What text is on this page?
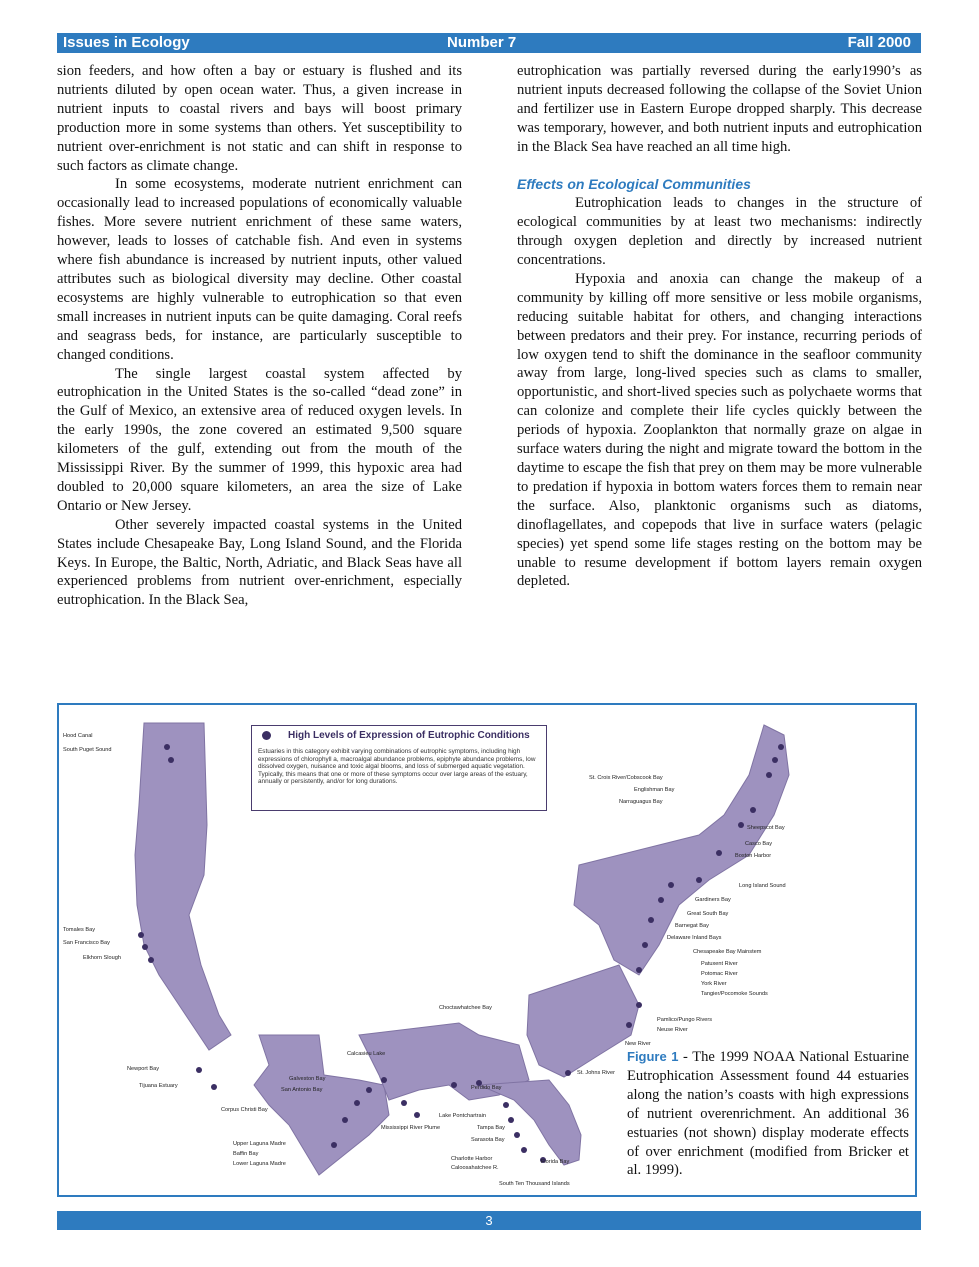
Issues in Ecology	Number 7	Fall 2000

sion feeders, and how often a bay or estuary is flushed and its nutrients diluted by open ocean water. Thus, a given increase in nutrient inputs to coastal rivers and bays will boost primary production more in some systems than others. Yet susceptibility to nutrient over-enrichment is not static and can shift in response to such factors as climate change.

In some ecosystems, moderate nutrient enrichment can occasionally lead to increased populations of economically valuable fishes. More severe nutrient enrichment of these same waters, however, leads to losses of catchable fish. And even in systems where fish abundance is increased by nutrient inputs, other valued attributes such as biological diversity may decline. Other coastal ecosystems are highly vulnerable to eutrophication so that even small increases in nutrient inputs can be quite damaging. Coral reefs and seagrass beds, for instance, are particularly susceptible to changed conditions.

The single largest coastal system affected by eutrophication in the United States is the so-called “dead zone” in the Gulf of Mexico, an extensive area of reduced oxygen levels. In the early 1990s, the zone covered an estimated 9,500 square kilometers of the gulf, extending out from the mouth of the Mississippi River. By the summer of 1999, this hypoxic area had doubled to 20,000 square kilometers, an area the size of Lake Ontario or New Jersey.

Other severely impacted coastal systems in the United States include Chesapeake Bay, Long Island Sound, and the Florida Keys. In Europe, the Baltic, North, Adriatic, and Black Seas have all experienced problems from nutrient over-enrichment, especially eutrophication. In the Black Sea,

eutrophication was partially reversed during the early1990’s as nutrient inputs decreased following the collapse of the Soviet Union and fertilizer use in Eastern Europe dropped sharply. This decrease was temporary, however, and both nutrient inputs and eutrophication in the Black Sea have reached an all time high.

Effects on Ecological Communities

Eutrophication leads to changes in the structure of ecological communities by at least two mechanisms: indirectly through oxygen depletion and directly by increased nutrient concentrations.

Hypoxia and anoxia can change the makeup of a community by killing off more sensitive or less mobile organisms, reducing suitable habitat for others, and changing interactions between predators and their prey. For instance, recurring periods of low oxygen tend to shift the dominance in the seafloor community away from large, long-lived species such as clams to smaller, opportunistic, and short-lived species such as polychaete worms that can colonize and complete their life cycles quickly between the periods of hypoxia. Zooplankton that normally graze on algae in surface waters during the night and migrate toward the bottom in the daytime to escape the fish that prey on them may be more vulnerable to predation if hypoxia in bottom waters forces them to remain near the surface. Also, planktonic organisms such as diatoms, dinoflagellates, and copepods that live in surface waters (pelagic species) yet spend some life stages resting on the bottom may be unable to resume development if bottom layers remain oxygen depleted.

High Levels of Expression of Eutrophic Conditions
Estuaries in this category exhibit varying combinations of eutrophic symptoms, including high expressions of chlorophyll a, macroalgal abundance problems, epiphyte abundance problems, low dissolved oxygen, nuisance and toxic algal blooms, and loss of submerged aquatic vegetation. Typically, this means that one or more of these symptoms occur over large areas of the estuary, annually or persistently, and/or for long durations.
Hood Canal
South Puget Sound
Tomales Bay
San Francisco Bay
Elkhorn Slough
Newport Bay
Tijuana Estuary
St. Croix River/Cobscook Bay
Englishman Bay
Narraguagus Bay
Sheepscot Bay
Casco Bay
Boston Harbor
Long Island Sound
Gardiners Bay
Great South Bay
Barnegat Bay
Delaware Inland Bays
Chesapeake Bay Mainstem
Patuxent River
Potomac River
York River
Tangier/Pocomoke Sounds
Pamlico/Pungo Rivers
Neuse River
New River
St. Johns River
Choctawhatchee Bay
Calcasieu Lake
Galveston Bay
San Antonio Bay
Corpus Christi Bay
Upper Laguna Madre
Baffin Bay
Lower Laguna Madre
Mississippi River Plume
Lake Pontchartrain
Perdido Bay
Tampa Bay
Sarasota Bay
Charlotte Harbor
Caloosahatchee R.
Florida Bay
South Ten Thousand Islands
Figure 1 - The 1999 NOAA National Estuarine Eutrophication Assessment found 44 estuaries along the nation’s coasts with high expressions of nutrient overenrichment. An additional 36 estuaries (not shown) display moderate effects of over enrichment (modified from Bricker et al. 1999).
3
